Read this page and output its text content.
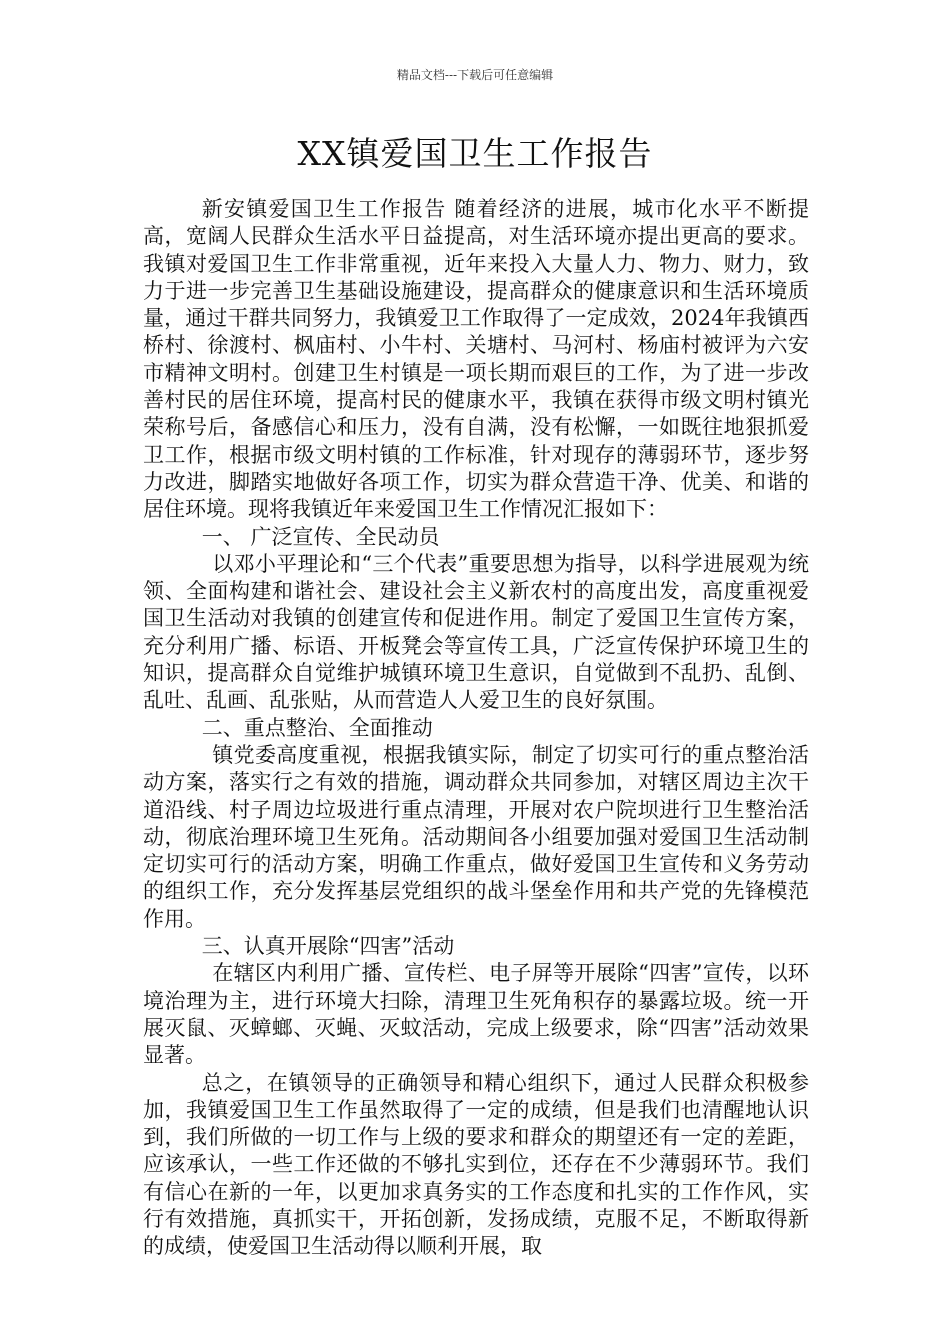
精品文档---下载后可任意编辑
XX镇爱国卫生工作报告

新安镇爱国卫生工作报告 随着经济的进展，城市化水平不断提高，宽阔人民群众生活水平日益提高，对生活环境亦提出更高的要求。我镇对爱国卫生工作非常重视，近年来投入大量人力、物力、财力，致力于进一步完善卫生基础设施建设，提高群众的健康意识和生活环境质量，通过干群共同努力，我镇爱卫工作取得了一定成效，2024年我镇西桥村、徐渡村、枫庙村、小牛村、关塘村、马河村、杨庙村被评为六安市精神文明村。创建卫生村镇是一项长期而艰巨的工作，为了进一步改善村民的居住环境，提高村民的健康水平，我镇在获得市级文明村镇光荣称号后，备感信心和压力，没有自满，没有松懈，一如既往地狠抓爱卫工作，根据市级文明村镇的工作标准，针对现存的薄弱环节，逐步努力改进，脚踏实地做好各项工作，切实为群众营造干净、优美、和谐的居住环境。现将我镇近年来爱国卫生工作情况汇报如下：

一、 广泛宣传、全民动员

以邓小平理论和“三个代表”重要思想为指导，以科学进展观为统领、全面构建和谐社会、建设社会主义新农村的高度出发，高度重视爱国卫生活动对我镇的创建宣传和促进作用。制定了爱国卫生宣传方案，充分利用广播、标语、开板凳会等宣传工具，广泛宣传保护环境卫生的知识，提高群众自觉维护城镇环境卫生意识，自觉做到不乱扔、乱倒、乱吐、乱画、乱张贴，从而营造人人爱卫生的良好氛围。

二、重点整治、全面推动

镇党委高度重视，根据我镇实际，制定了切实可行的重点整治活动方案，落实行之有效的措施，调动群众共同参加，对辖区周边主次干道沿线、村子周边垃圾进行重点清理，开展对农户院坝进行卫生整治活动，彻底治理环境卫生死角。活动期间各小组要加强对爱国卫生活动制定切实可行的活动方案，明确工作重点，做好爱国卫生宣传和义务劳动的组织工作，充分发挥基层党组织的战斗堡垒作用和共产党的先锋模范作用。

三、认真开展除“四害”活动

在辖区内利用广播、宣传栏、电子屏等开展除“四害”宣传，以环境治理为主，进行环境大扫除，清理卫生死角积存的暴露垃圾。统一开展灭鼠、灭蟑螂、灭蝇、灭蚊活动，完成上级要求，除“四害”活动效果显著。

总之，在镇领导的正确领导和精心组织下，通过人民群众积极参加，我镇爱国卫生工作虽然取得了一定的成绩，但是我们也清醒地认识到，我们所做的一切工作与上级的要求和群众的期望还有一定的差距，应该承认，一些工作还做的不够扎实到位，还存在不少薄弱环节。我们有信心在新的一年，以更加求真务实的工作态度和扎实的工作作风，实行有效措施，真抓实干，开拓创新，发扬成绩，克服不足，不断取得新的成绩，使爱国卫生活动得以顺利开展，取
